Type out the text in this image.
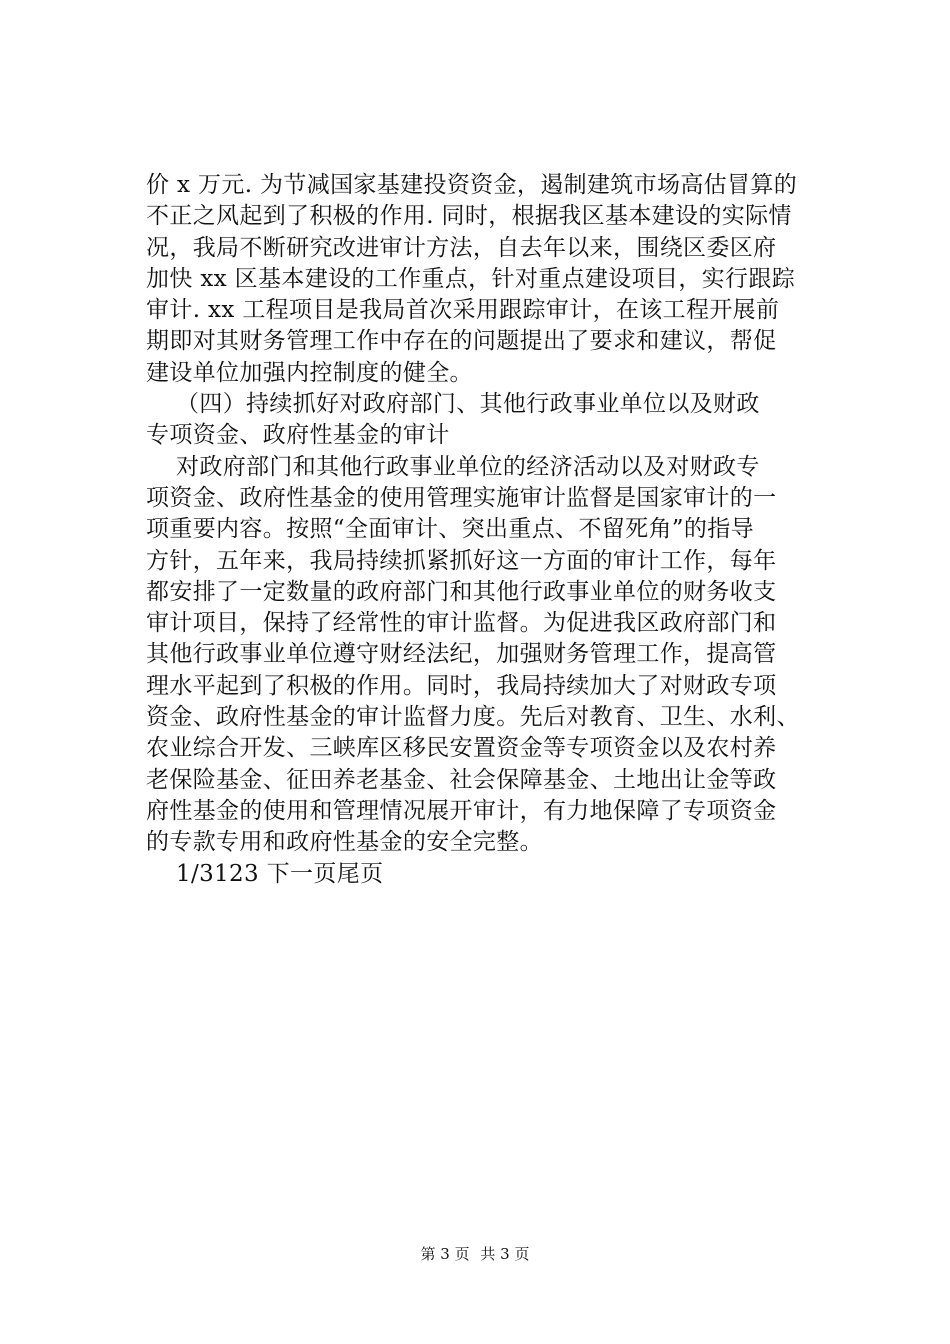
价 x 万元. 为节减国家基建投资资金，遏制建筑市场高估冒算的
不正之风起到了积极的作用. 同时，根据我区基本建设的实际情
况，我局不断研究改进审计方法，自去年以来，围绕区委区府
加快 xx 区基本建设的工作重点，针对重点建设项目，实行跟踪
审计. xx 工程项目是我局首次采用跟踪审计，在该工程开展前
期即对其财务管理工作中存在的问题提出了要求和建议，帮促
建设单位加强内控制度的健全。
（四）持续抓好对政府部门、其他行政事业单位以及财政
专项资金、政府性基金的审计
对政府部门和其他行政事业单位的经济活动以及对财政专
项资金、政府性基金的使用管理实施审计监督是国家审计的一
项重要内容。按照“全面审计、突出重点、不留死角”的指导
方针，五年来，我局持续抓紧抓好这一方面的审计工作，每年
都安排了一定数量的政府部门和其他行政事业单位的财务收支
审计项目，保持了经常性的审计监督。为促进我区政府部门和
其他行政事业单位遵守财经法纪，加强财务管理工作，提高管
理水平起到了积极的作用。同时，我局持续加大了对财政专项
资金、政府性基金的审计监督力度。先后对教育、卫生、水利、
农业综合开发、三峡库区移民安置资金等专项资金以及农村养
老保险基金、征田养老基金、社会保障基金、土地出让金等政
府性基金的使用和管理情况展开审计，有力地保障了专项资金
的专款专用和政府性基金的安全完整。
1/3123 下一页尾页
第 3 页 共 3 页
